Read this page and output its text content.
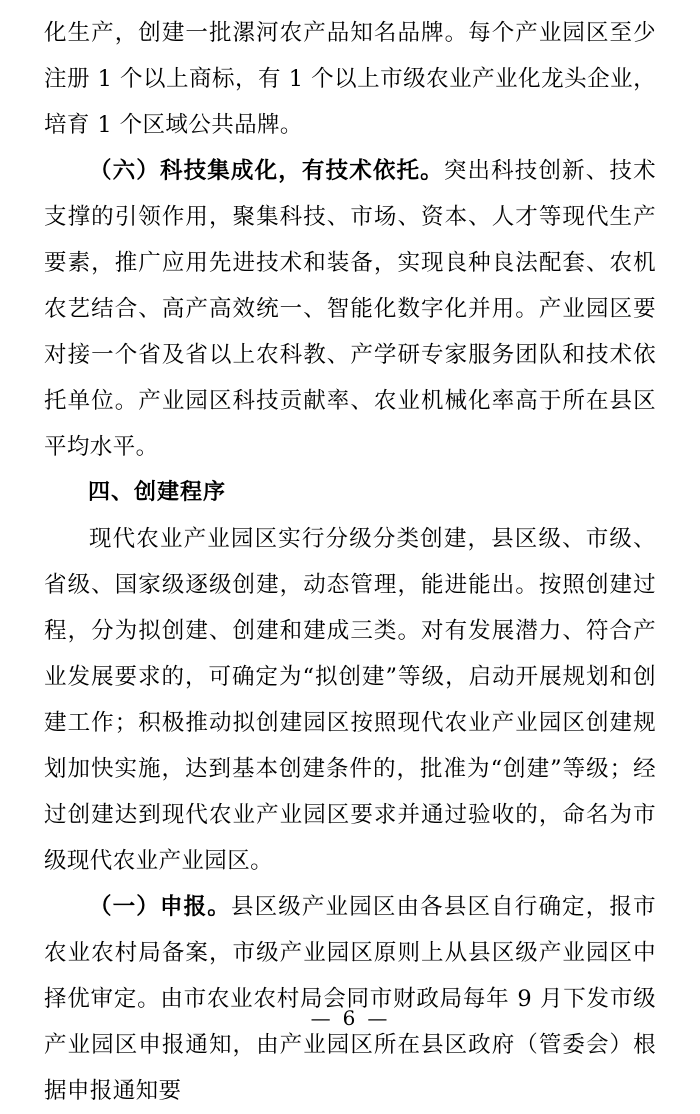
化生产，创建一批漯河农产品知名品牌。每个产业园区至少注册 1 个以上商标，有 1 个以上市级农业产业化龙头企业，培育 1 个区域公共品牌。

（六）科技集成化，有技术依托。突出科技创新、技术支撑的引领作用，聚集科技、市场、资本、人才等现代生产要素，推广应用先进技术和装备，实现良种良法配套、农机农艺结合、高产高效统一、智能化数字化并用。产业园区要对接一个省及省以上农科教、产学研专家服务团队和技术依托单位。产业园区科技贡献率、农业机械化率高于所在县区平均水平。

四、创建程序

现代农业产业园区实行分级分类创建，县区级、市级、省级、国家级逐级创建，动态管理，能进能出。按照创建过程，分为拟创建、创建和建成三类。对有发展潜力、符合产业发展要求的，可确定为“拟创建”等级，启动开展规划和创建工作；积极推动拟创建园区按照现代农业产业园区创建规划加快实施，达到基本创建条件的，批准为“创建”等级；经过创建达到现代农业产业园区要求并通过验收的，命名为市级现代农业产业园区。

（一）申报。县区级产业园区由各县区自行确定，报市农业农村局备案，市级产业园区原则上从县区级产业园区中择优审定。由市农业农村局会同市财政局每年 9 月下发市级产业园区申报通知，由产业园区所在县区政府（管委会）根据申报通知要

— 6 —
